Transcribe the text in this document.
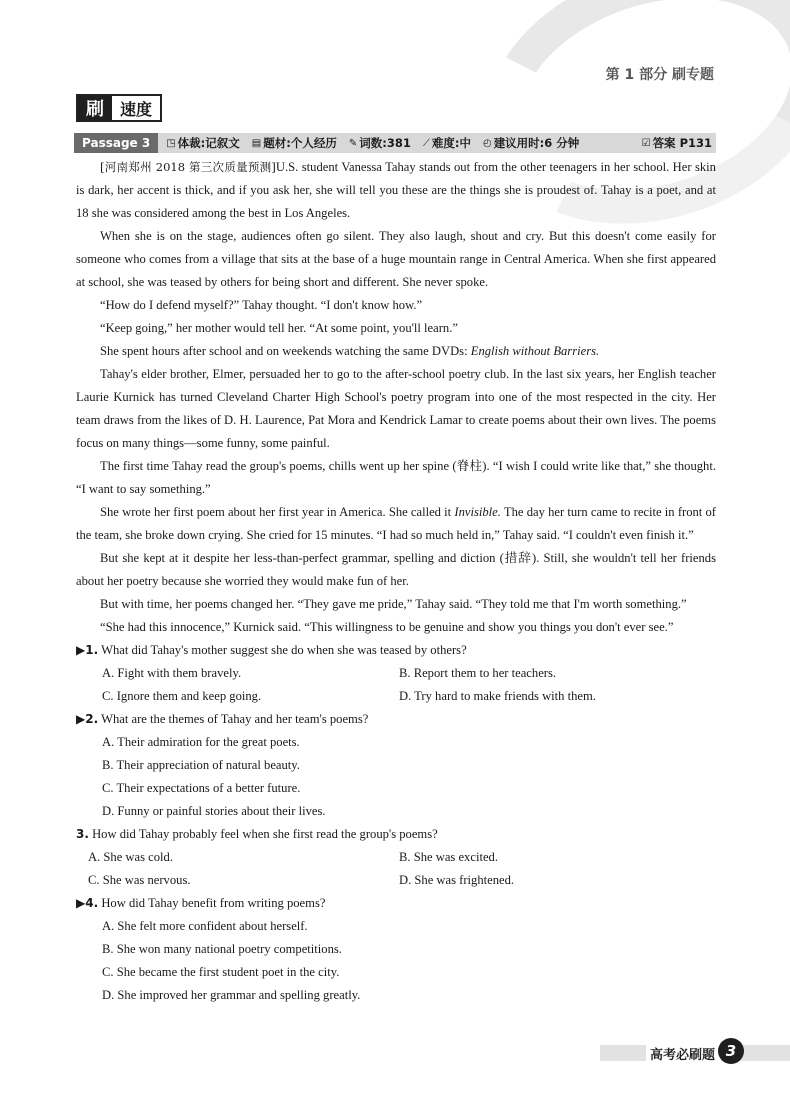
第 1 部分 刷专题
刷	速度
Passage 3	◳ 体裁:记叙文 ▤ 题材:个人经历 ✎ 词数:381 ⟋ 难度:中 ◴ 建议用时:6 分钟	☑ 答案 P131

[河南郑州 2018 第三次质量预测]U.S. student Vanessa Tahay stands out from the other teenagers in her school. Her skin is dark, her accent is thick, and if you ask her, she will tell you these are the things she is proudest of. Tahay is a poet, and at 18 she was considered among the best in Los Angeles.

When she is on the stage, audiences often go silent. They also laugh, shout and cry. But this doesn't come easily for someone who comes from a village that sits at the base of a huge mountain range in Central America. When she first appeared at school, she was teased by others for being short and different. She never spoke.

“How do I defend myself?” Tahay thought. “I don't know how.”

“Keep going,” her mother would tell her. “At some point, you'll learn.”

She spent hours after school and on weekends watching the same DVDs: English without Barriers.

Tahay's elder brother, Elmer, persuaded her to go to the after-school poetry club. In the last six years, her English teacher Laurie Kurnick has turned Cleveland Charter High School's poetry program into one of the most respected in the city. Her team draws from the likes of D. H. Laurence, Pat Mora and Kendrick Lamar to create poems about their own lives. The poems focus on many things—some funny, some painful.

The first time Tahay read the group's poems, chills went up her spine (脊柱). “I wish I could write like that,” she thought. “I want to say something.”

She wrote her first poem about her first year in America. She called it Invisible. The day her turn came to recite in front of the team, she broke down crying. She cried for 15 minutes. “I had so much held in,” Tahay said. “I couldn't even finish it.”

But she kept at it despite her less-than-perfect grammar, spelling and diction (措辞). Still, she wouldn't tell her friends about her poetry because she worried they would make fun of her.

But with time, her poems changed her. “They gave me pride,” Tahay said. “They told me that I'm worth something.”

“She had this innocence,” Kurnick said. “This willingness to be genuine and show you things you don't ever see.”

▶1. What did Tahay's mother suggest she do when she was teased by others?

A. Fight with them bravely.	B. Report them to her teachers.
C. Ignore them and keep going.	D. Try hard to make friends with them.

▶2. What are the themes of Tahay and her team's poems?

A. Their admiration for the great poets.
B. Their appreciation of natural beauty.
C. Their expectations of a better future.
D. Funny or painful stories about their lives.

3. How did Tahay probably feel when she first read the group's poems?

A. She was cold.	B. She was excited.
C. She was nervous.	D. She was frightened.

▶4. How did Tahay benefit from writing poems?

A. She felt more confident about herself.
B. She won many national poetry competitions.
C. She became the first student poet in the city.
D. She improved her grammar and spelling greatly.
高考必刷题 3
